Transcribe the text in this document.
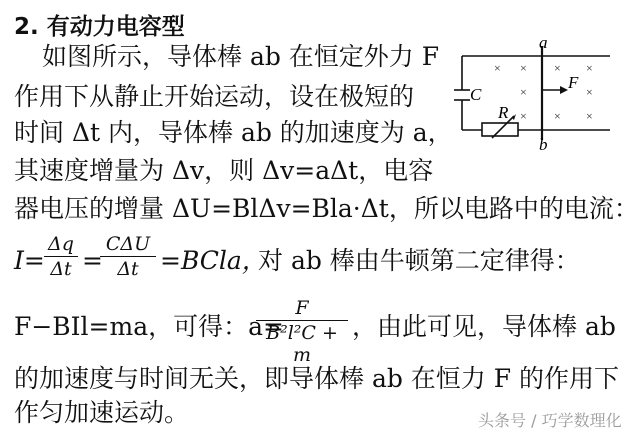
2. 有动力电容型
如图所示，导体棒 ab 在恒定外力 F
作用下从静止开始运动，设在极短的
时间 Δt 内，导体棒 ab 的加速度为 a，
其速度增量为 Δv，则 Δv=aΔt，电容
器电压的增量 ΔU=BlΔv=Bla·Δt，所以电路中的电流：
I=
Δq
Δt =
CΔU
Δt =BCla，
对 ab 棒由牛顿第二定律得：
F−BIl=ma，可得：a=
F
B²l²C + m
，由此可见，导体棒 ab
的加速度与时间无关，即导体棒 ab 在恒力 F 的作用下
作匀加速运动。
a
b
C
R
F
× × × ×
×	×
× × ×
头条号 / 巧学数理化
